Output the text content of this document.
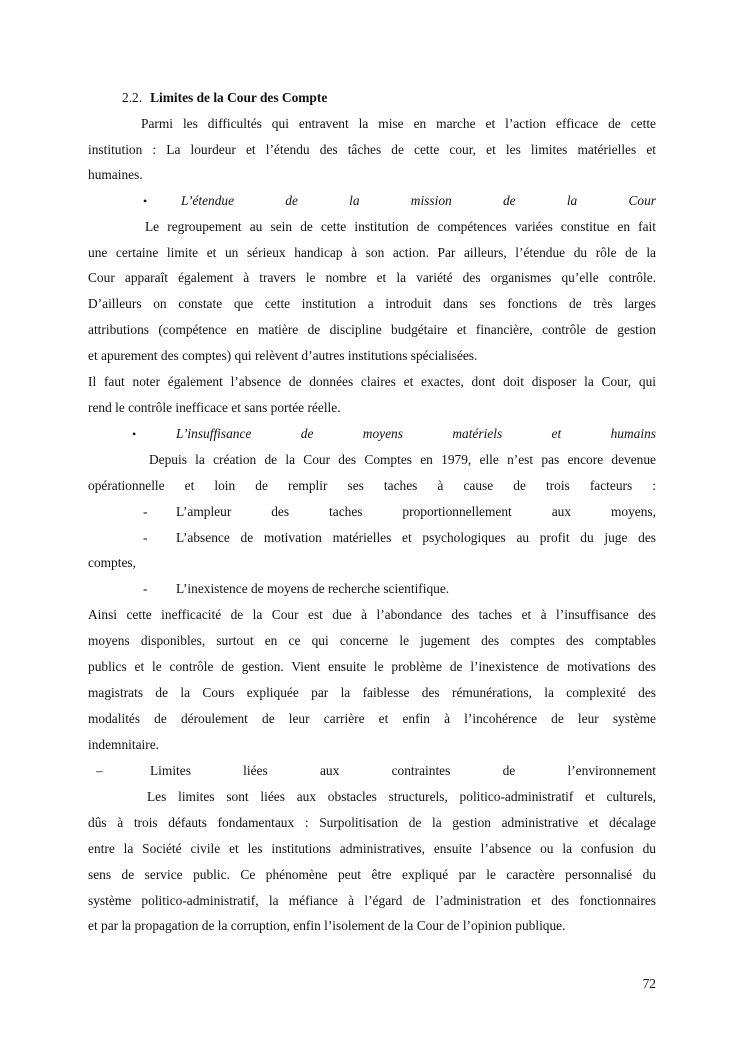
2.2. Limites de la Cour des Compte
Parmi les difficultés qui entravent la mise en marche et l’action efficace de cette
institution : La lourdeur et l’étendu des tâches de cette cour, et les limites matérielles et
humaines.
•	L’étendue de la mission de la Cour
Le regroupement au sein de cette institution de compétences variées constitue en fait
une certaine limite et un sérieux handicap à son action. Par ailleurs, l’étendue du rôle de la
Cour apparaît également à travers le nombre et la variété des organismes qu’elle contrôle.
D’ailleurs on constate que cette institution a introduit dans ses fonctions de très larges
attributions (compétence en matière de discipline budgétaire et financière, contrôle de gestion
et apurement des comptes) qui relèvent d’autres institutions spécialisées.
Il faut noter également l’absence de données claires et exactes, dont doit disposer la Cour, qui
rend le contrôle inefficace et sans portée réelle.
•	L’insuffisance de moyens matériels et humains
Depuis la création de la Cour des Comptes en 1979, elle n’est pas encore devenue
opérationnelle et loin de remplir ses taches à cause de trois facteurs :
- L’ampleur des taches proportionnellement aux moyens,
- L’absence de motivation matérielles et psychologiques au profit du juge des
comptes,
- L’inexistence de moyens de recherche scientifique.
Ainsi cette inefficacité de la Cour est due à l’abondance des taches et à l’insuffisance des
moyens disponibles, surtout en ce qui concerne le jugement des comptes des comptables
publics et le contrôle de gestion. Vient ensuite le problème de l’inexistence de motivations des
magistrats de la Cours expliquée par la faiblesse des rémunérations, la complexité des
modalités de déroulement de leur carrière et enfin à l’incohérence de leur système
indemnitaire.
–	Limites liées aux contraintes de l’environnement
Les limites sont liées aux obstacles structurels, politico-administratif et culturels,
dûs à trois défauts fondamentaux : Surpolitisation de la gestion administrative et décalage
entre la Société civile et les institutions administratives, ensuite l’absence ou la confusion du
sens de service public. Ce phénomène peut être expliqué par le caractère personnalisé du
système politico-administratif, la méfiance à l’égard de l’administration et des fonctionnaires
et par la propagation de la corruption, enfin l’isolement de la Cour de l’opinion publique.
72
